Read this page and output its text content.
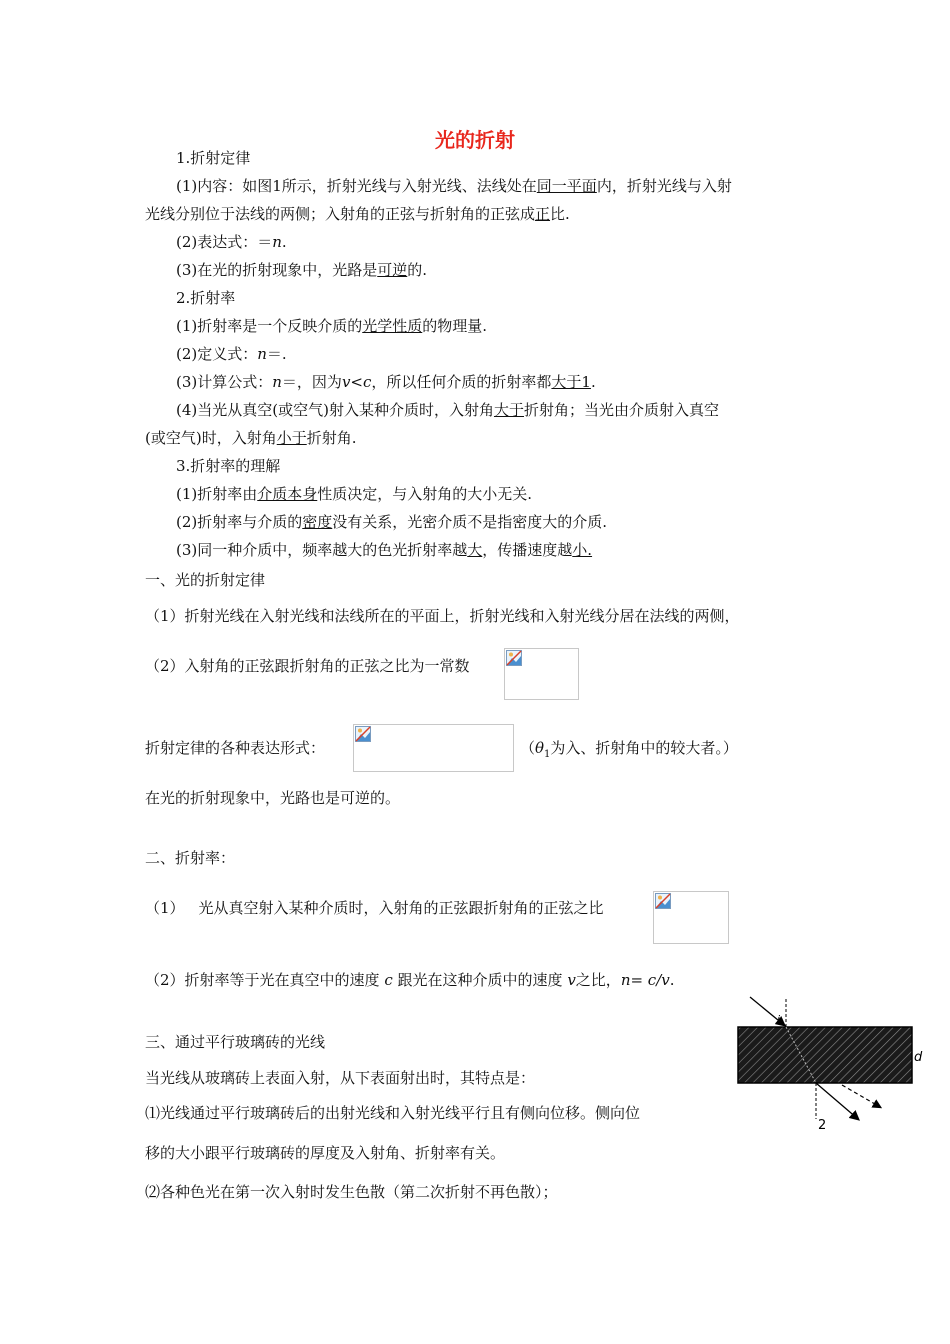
光的折射
1.折射定律
(1)内容：如图1所示，折射光线与入射光线、法线处在同一平面内，折射光线与入射
光线分别位于法线的两侧；入射角的正弦与折射角的正弦成正比.
(2)表达式：＝n.
(3)在光的折射现象中，光路是可逆的.
2.折射率
(1)折射率是一个反映介质的光学性质的物理量.
(2)定义式：n＝.
(3)计算公式：n＝，因为v<c，所以任何介质的折射率都大于1.
(4)当光从真空(或空气)射入某种介质时，入射角大于折射角；当光由介质射入真空
(或空气)时，入射角小于折射角.
3.折射率的理解
(1)折射率由介质本身性质决定，与入射角的大小无关.
(2)折射率与介质的密度没有关系，光密介质不是指密度大的介质.
(3)同一种介质中，频率越大的色光折射率越大，传播速度越小.
一、光的折射定律
（1）折射光线在入射光线和法线所在的平面上，折射光线和入射光线分居在法线的两侧，
（2）入射角的正弦跟折射角的正弦之比为一常数
折射定律的各种表达形式：	（$\theta_1$为入、折射角中的较大者。）
在光的折射现象中，光路也是可逆的。
二、折射率：
（1） 光从真空射入某种介质时，入射角的正弦跟折射角的正弦之比
（2）折射率等于光在真空中的速度 c 跟光在这种介质中的速度 v之比，n= c/v.
三、通过平行玻璃砖的光线
当光线从玻璃砖上表面入射，从下表面射出时，其特点是：
⑴光线通过平行玻璃砖后的出射光线和入射光线平行且有侧向位移。侧向位
移的大小跟平行玻璃砖的厚度及入射角、折射率有关。
⑵各种色光在第一次入射时发生色散（第二次折射不再色散）；
i
d
2
